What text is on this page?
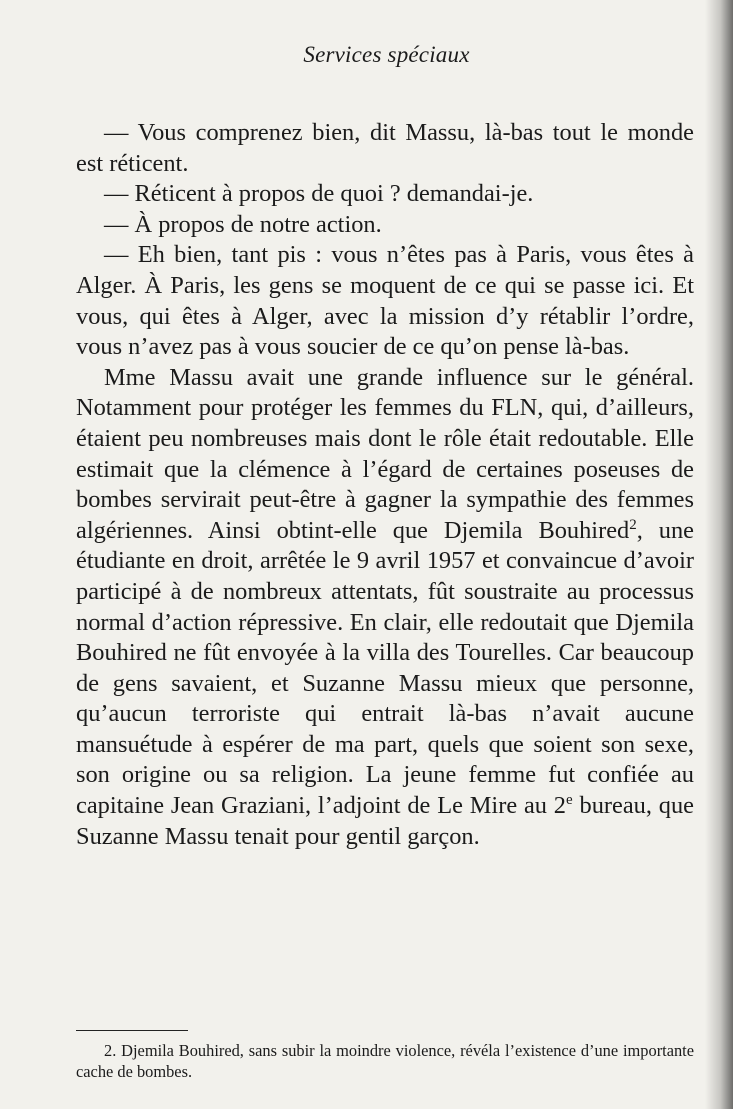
Services spéciaux

— Vous comprenez bien, dit Massu, là-bas tout le monde est réticent.

— Réticent à propos de quoi ? demandai-je.

— À propos de notre action.

— Eh bien, tant pis : vous n’êtes pas à Paris, vous êtes à Alger. À Paris, les gens se moquent de ce qui se passe ici. Et vous, qui êtes à Alger, avec la mission d’y rétablir l’ordre, vous n’avez pas à vous soucier de ce qu’on pense là-bas.

Mme Massu avait une grande influence sur le général. Notamment pour protéger les femmes du FLN, qui, d’ailleurs, étaient peu nombreuses mais dont le rôle était redoutable. Elle estimait que la clémence à l’égard de certaines poseuses de bombes servirait peut-être à gagner la sympathie des femmes algériennes. Ainsi obtint-elle que Djemila Bouhired$^2$, une étudiante en droit, arrêtée le 9 avril 1957 et convaincue d’avoir participé à de nombreux attentats, fût soustraite au processus normal d’action répressive. En clair, elle redoutait que Djemila Bouhired ne fût envoyée à la villa des Tourelles. Car beaucoup de gens savaient, et Suzanne Massu mieux que personne, qu’aucun terroriste qui entrait là-bas n’avait aucune mansuétude à espérer de ma part, quels que soient son sexe, son origine ou sa religion. La jeune femme fut confiée au capitaine Jean Graziani, l’adjoint de Le Mire au 2e bureau, que Suzanne Massu tenait pour gentil garçon.

2. Djemila Bouhired, sans subir la moindre violence, révéla l’existence d’une importante cache de bombes.
